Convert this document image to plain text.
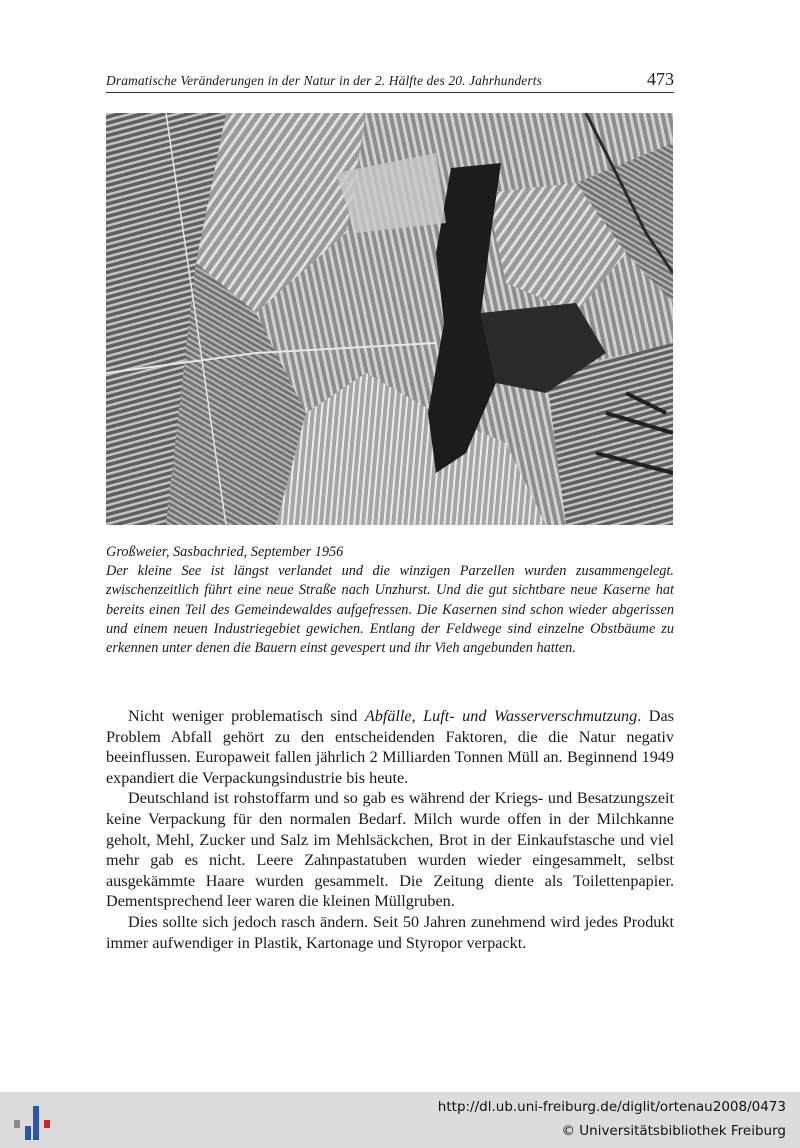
Dramatische Veränderungen in der Natur in der 2. Hälfte des 20. Jahrhunderts	473

Großweier, Sasbachried, September 1956

Der kleine See ist längst verlandet und die winzigen Parzellen wurden zusammengelegt. zwischenzeitlich führt eine neue Straße nach Unzhurst. Und die gut sichtbare neue Kaserne hat bereits einen Teil des Gemeindewaldes aufgefressen. Die Kasernen sind schon wieder abgerissen und einem neuen Industriegebiet gewichen. Entlang der Feldwege sind einzelne Obstbäume zu erkennen unter denen die Bauern einst gevespert und ihr Vieh angebunden hatten.

Nicht weniger problematisch sind Abfälle, Luft- und Wasserverschmutzung. Das Problem Abfall gehört zu den entscheidenden Faktoren, die die Natur negativ beeinflussen. Europaweit fallen jährlich 2 Milliarden Tonnen Müll an. Beginnend 1949 expandiert die Verpackungsindustrie bis heute.

Deutschland ist rohstoffarm und so gab es während der Kriegs- und Besatzungszeit keine Verpackung für den normalen Bedarf. Milch wurde offen in der Milchkanne geholt, Mehl, Zucker und Salz im Mehlsäckchen, Brot in der Einkaufstasche und viel mehr gab es nicht. Leere Zahnpastatuben wurden wieder eingesammelt, selbst ausgekämmte Haare wurden gesammelt. Die Zeitung diente als Toilettenpapier. Dementsprechend leer waren die kleinen Müllgruben.

Dies sollte sich jedoch rasch ändern. Seit 50 Jahren zunehmend wird jedes Produkt immer aufwendiger in Plastik, Kartonage und Styropor verpackt.

http://dl.ub.uni-freiburg.de/diglit/ortenau2008/0473
© Universitätsbibliothek Freiburg
